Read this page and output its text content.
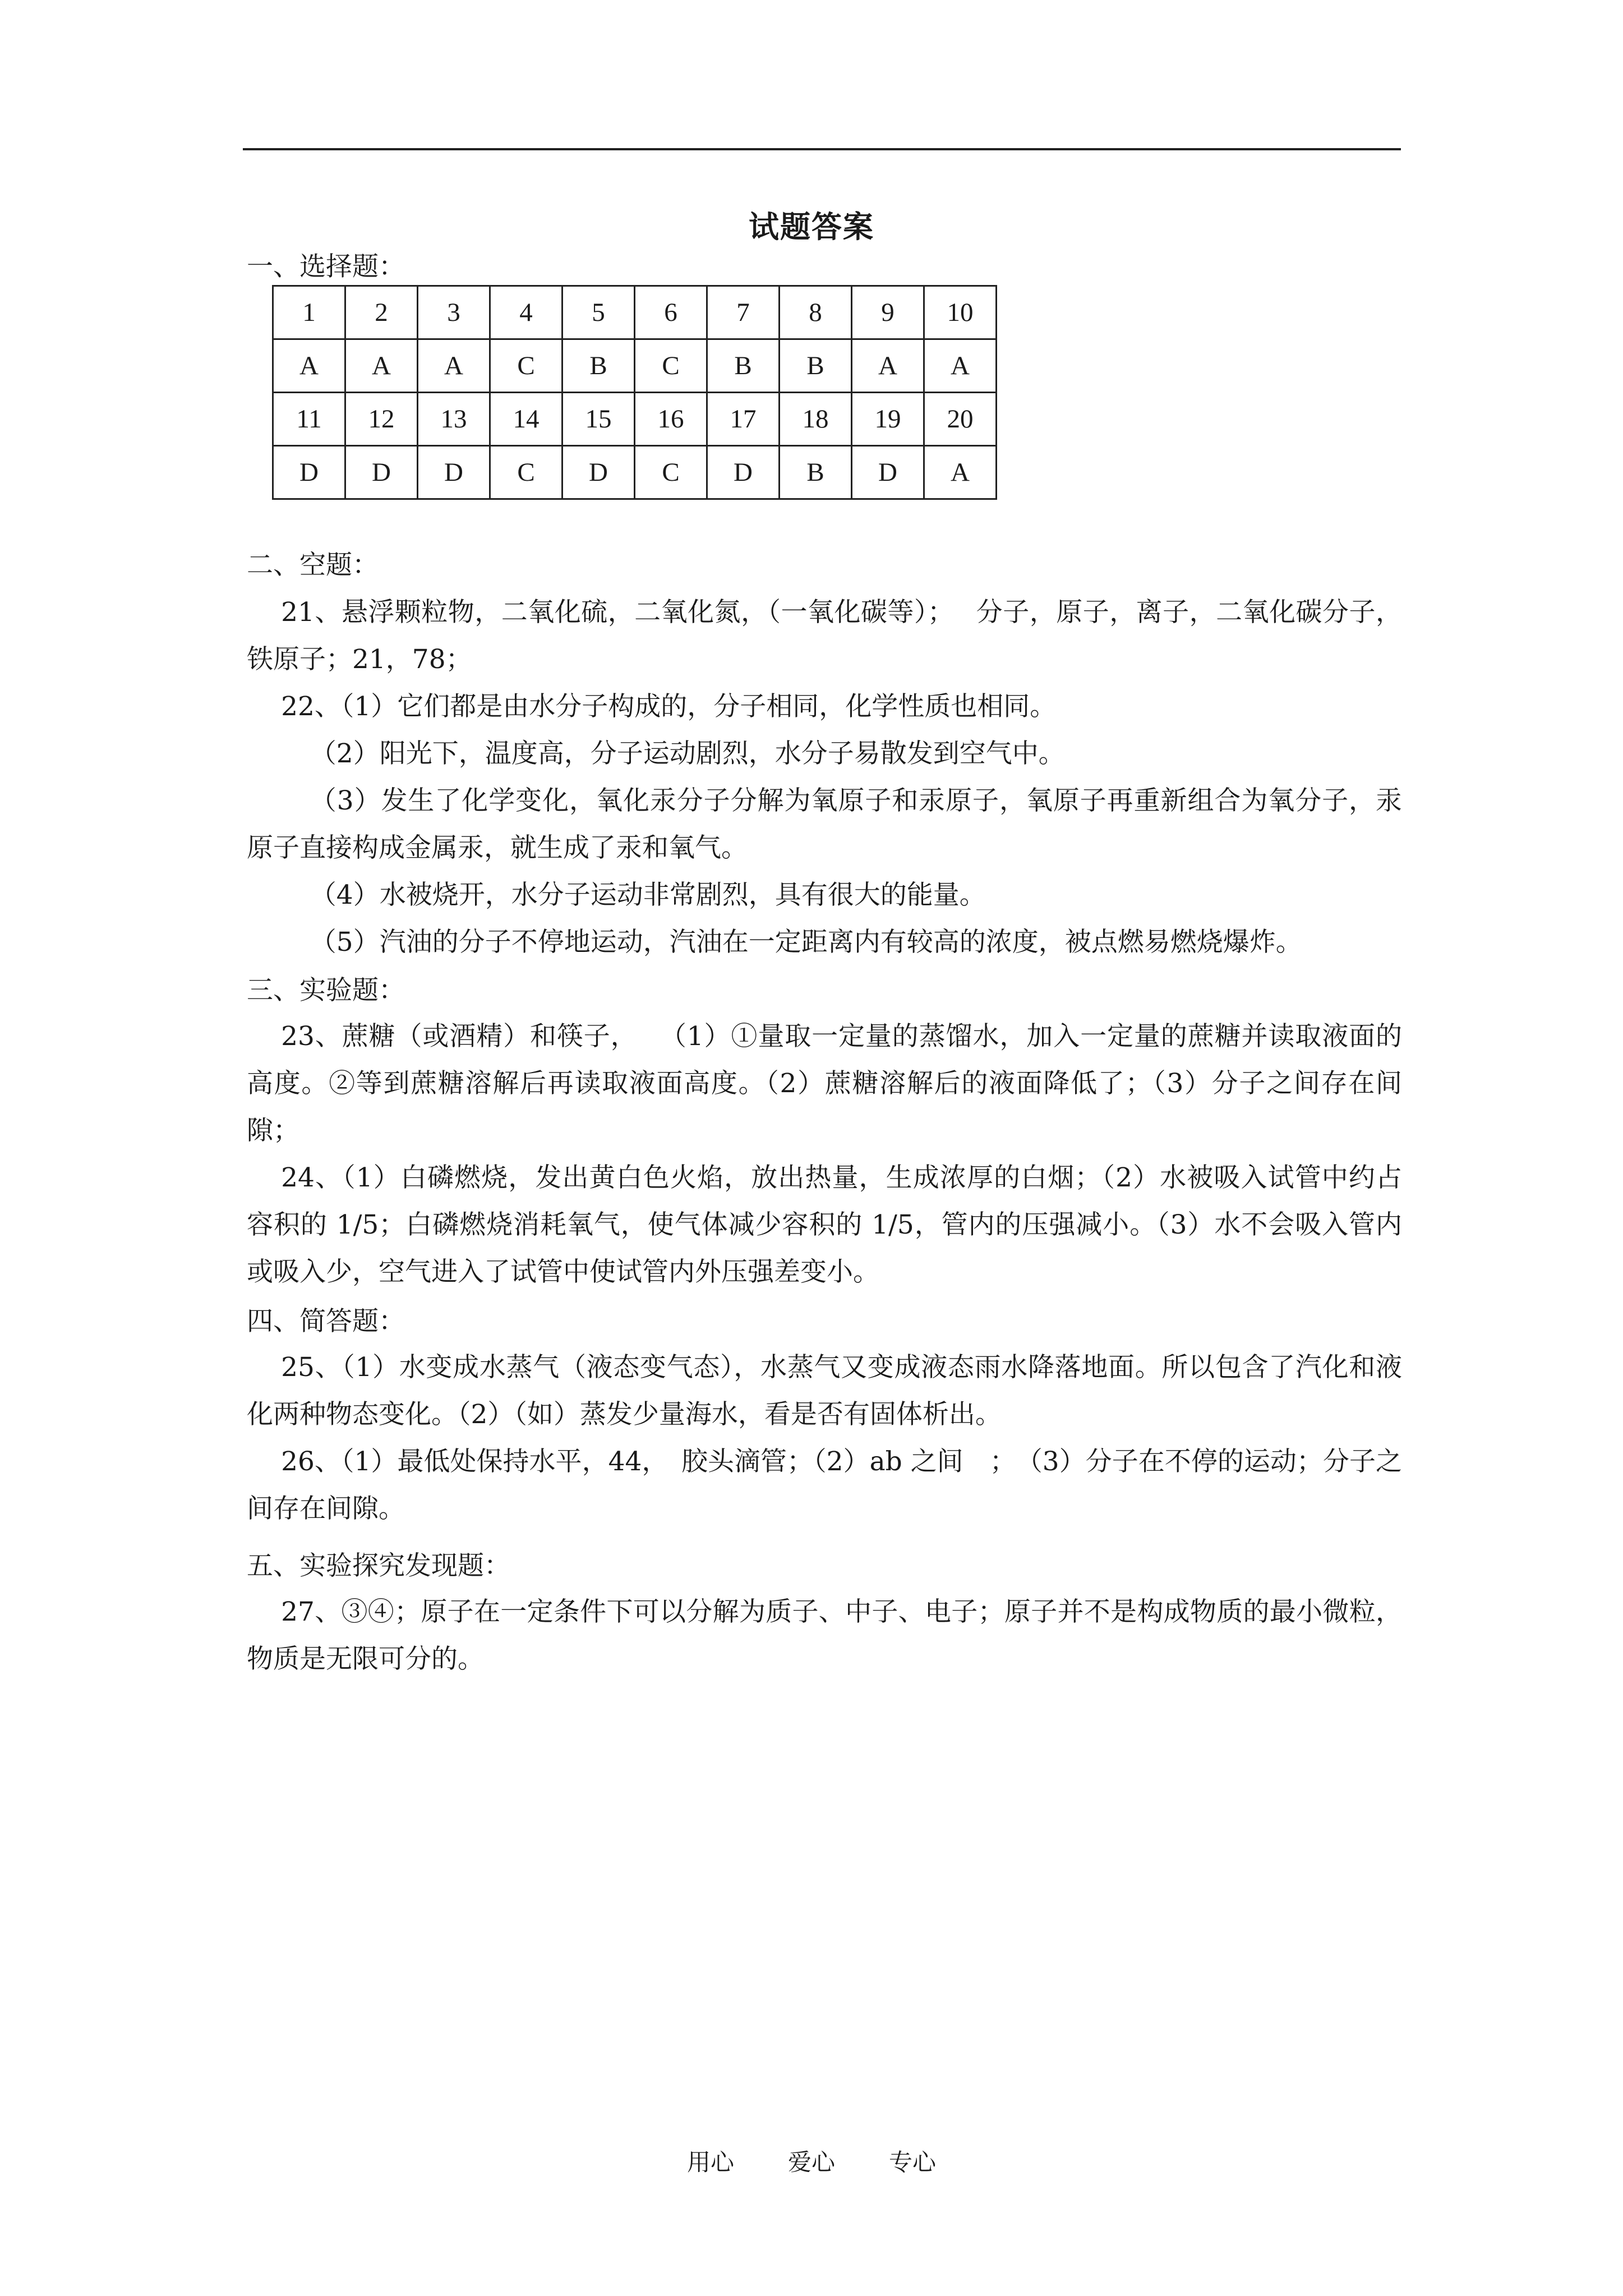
试题答案
一、选择题：
1	2	3	4	5	6	7	8	9	10
A	A	A	C	B	C	B	B	A	A
11	12	13	14	15	16	17	18	19	20
D	D	D	C	D	C	D	B	D	A
二、空题：

21、悬浮颗粒物，二氧化硫，二氧化氮，（一氧化碳等）；　 分子，原子，离子，二氧化碳分子，铁原子；21，78；

22、（1）它们都是由水分子构成的，分子相同，化学性质也相同。

（2）阳光下，温度高，分子运动剧烈，水分子易散发到空气中。

（3）发生了化学变化，氧化汞分子分解为氧原子和汞原子，氧原子再重新组合为氧分子，汞原子直接构成金属汞，就生成了汞和氧气。

（4）水被烧开，水分子运动非常剧烈，具有很大的能量。

（5）汽油的分子不停地运动，汽油在一定距离内有较高的浓度，被点燃易燃烧爆炸。

三、实验题：

23、蔗糖（或酒精）和筷子，　 （1）①量取一定量的蒸馏水，加入一定量的蔗糖并读取液面的高度。②等到蔗糖溶解后再读取液面高度。（2）蔗糖溶解后的液面降低了；（3）分子之间存在间隙；

24、（1）白磷燃烧，发出黄白色火焰，放出热量，生成浓厚的白烟；（2）水被吸入试管中约占容积的 1/5；白磷燃烧消耗氧气，使气体减少容积的 1/5，管内的压强减小。（3）水不会吸入管内或吸入少，空气进入了试管中使试管内外压强差变小。

四、简答题：

25、（1）水变成水蒸气（液态变气态），水蒸气又变成液态雨水降落地面。所以包含了汽化和液化两种物态变化。（2）（如）蒸发少量海水，看是否有固体析出。

26、（1）最低处保持水平，44，　胶头滴管；（2）ab 之间　；　（3）分子在不停的运动；分子之间存在间隙。

五、实验探究发现题：

27、③④；原子在一定条件下可以分解为质子、中子、电子；原子并不是构成物质的最小微粒，物质是无限可分的。

用心 爱心 专心
